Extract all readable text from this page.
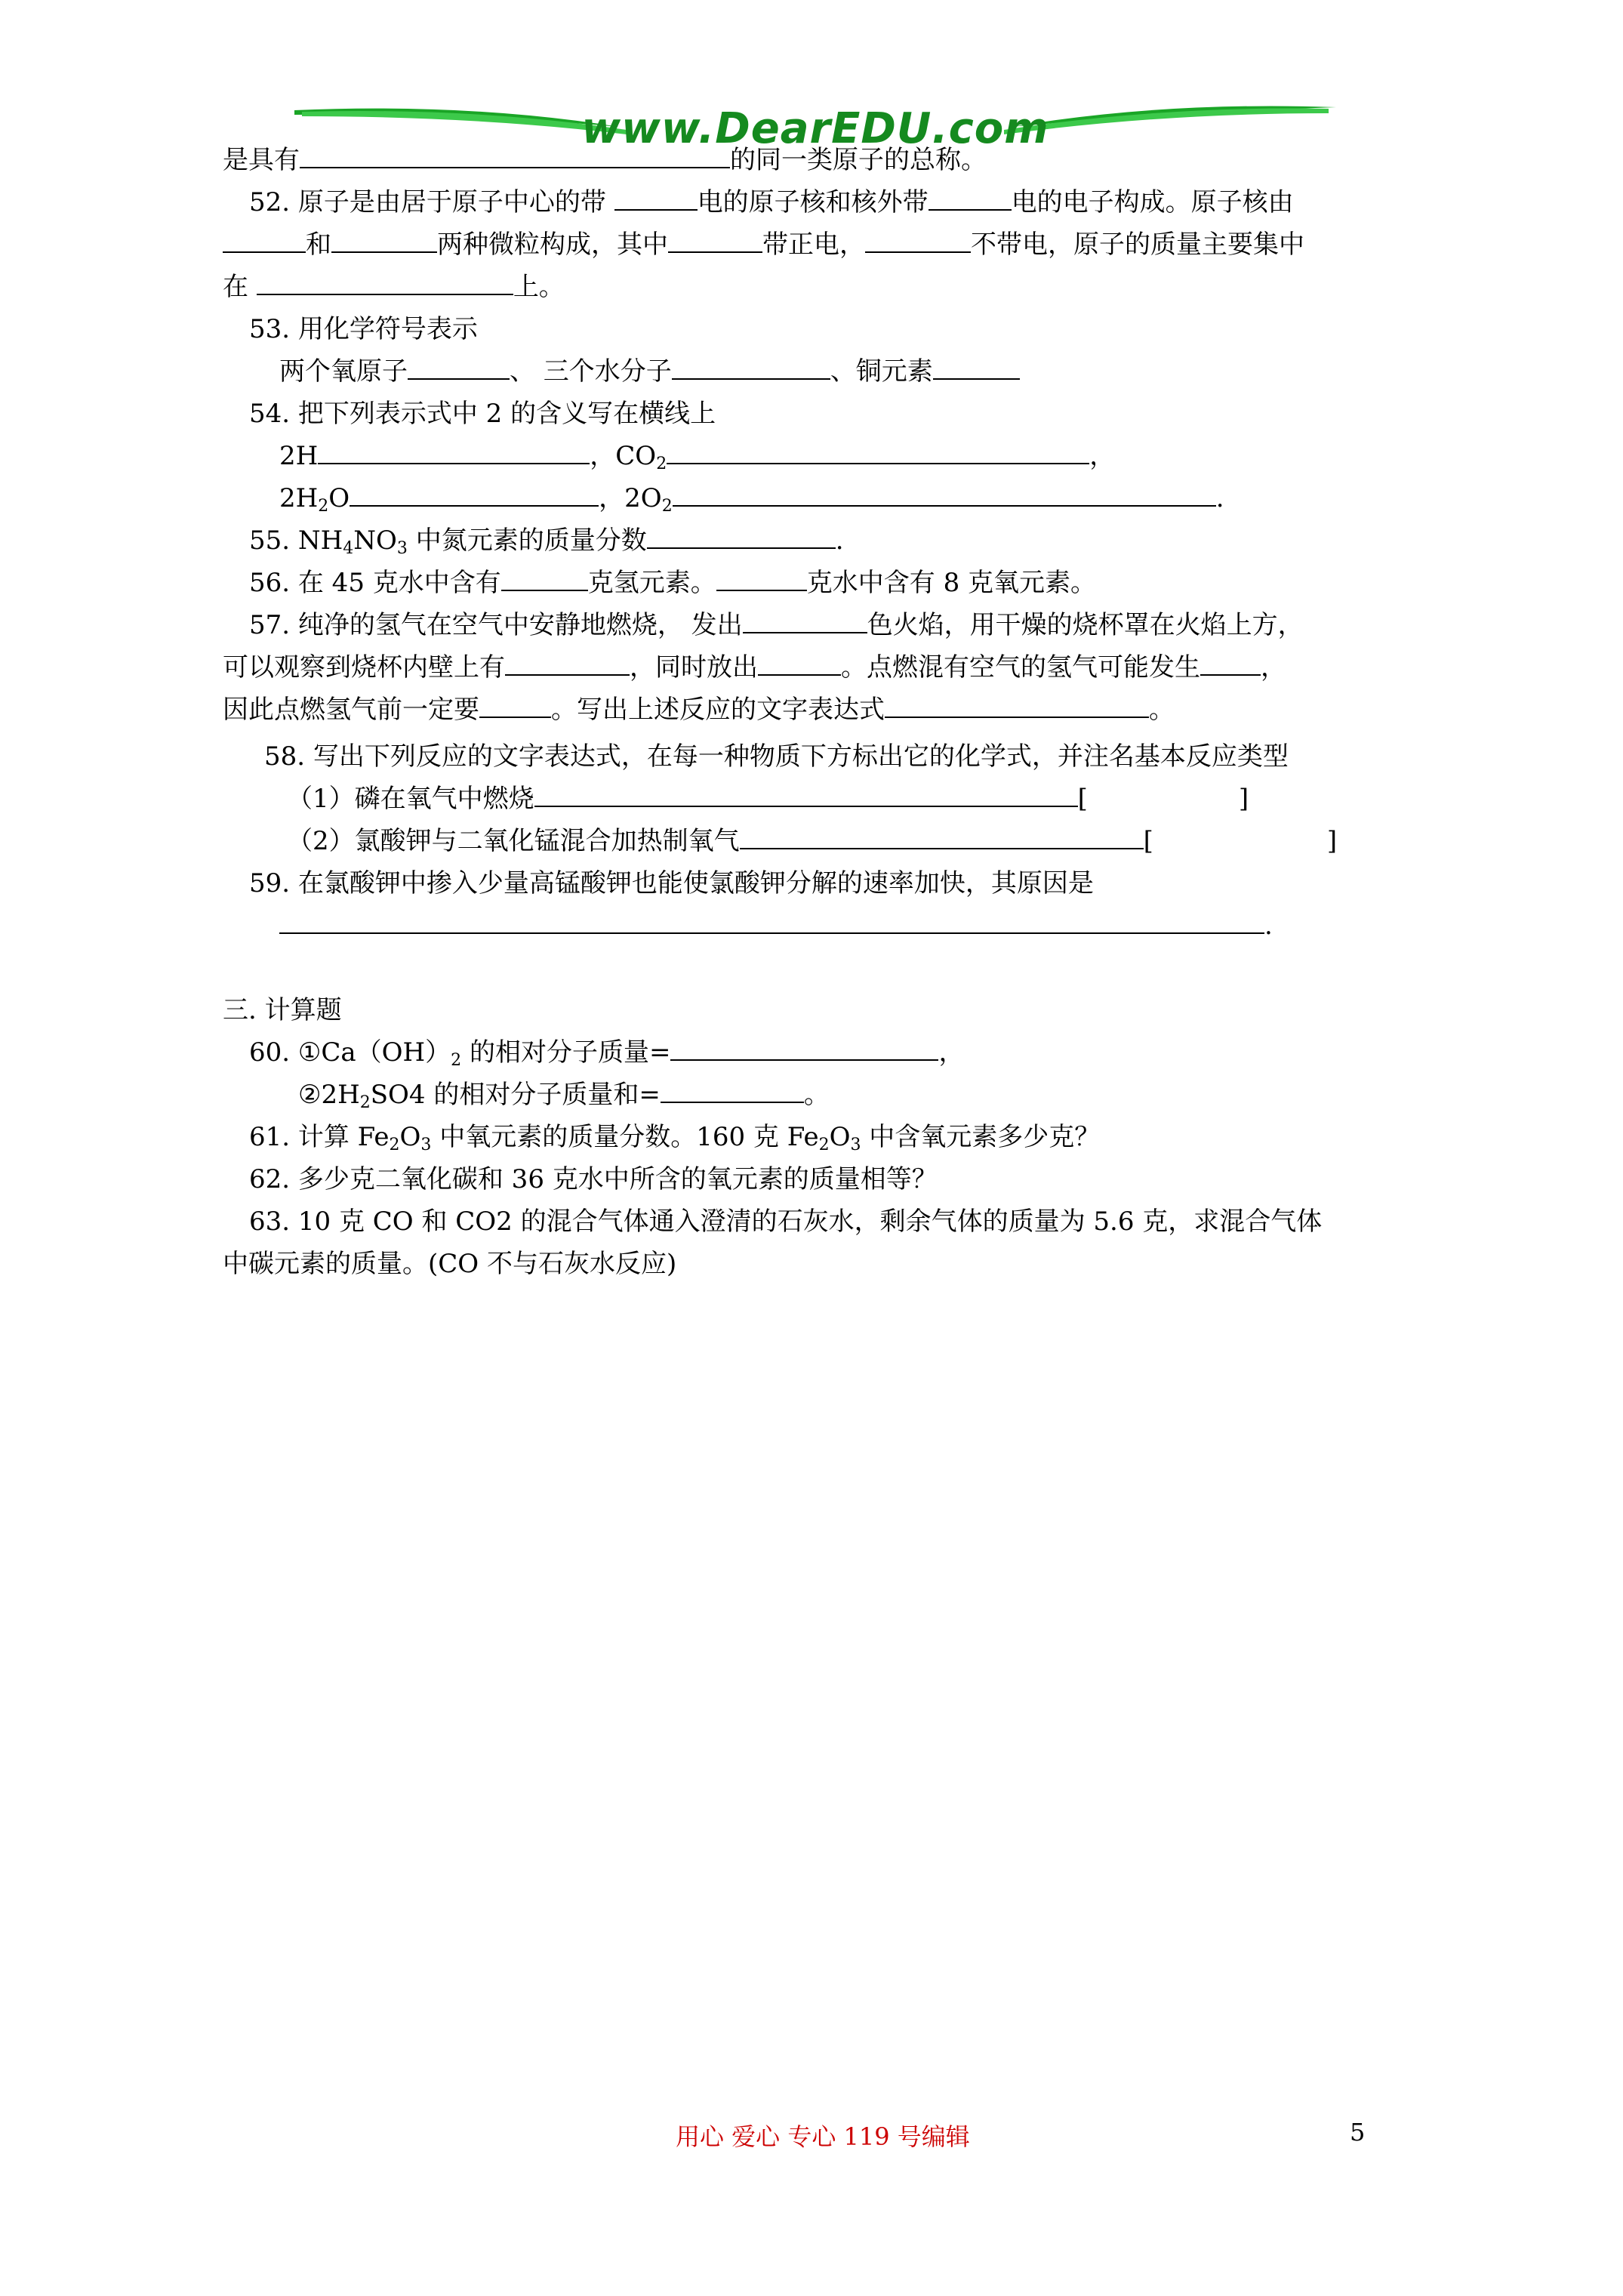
www.DearEDU.com
是具有	的同一类原子的总称。
52. 原子是由居于原子中心的带	电的原子核和核外带	电的电子构成。原子核由
和	两种微粒构成，其中	带正电，	不带电，原子的质量主要集中
在	上。
53. 用化学符号表示
两个氧原子	、 三个水分子	、铜元素
54. 把下列表示式中 2 的含义写在横线上
2H	，$CO_2$	，
$2H_2O$	，$2O_2$	.
55. $NH_4NO_3$ 中氮元素的质量分数	.
56. 在 45 克水中含有	克氢元素。	克水中含有 8 克氧元素。
57. 纯净的氢气在空气中安静地燃烧， 发出	色火焰，用干燥的烧杯罩在火焰上方，
可以观察到烧杯内壁上有	，同时放出	。点燃混有空气的氢气可能发生 ，
因此点燃氢气前一定要	。写出上述反应的文字表达式	。
58. 写出下列反应的文字表达式，在每一种物质下方标出它的化学式，并注名基本反应类型
（1）磷在氧气中燃烧	[	]
（2）氯酸钾与二氧化锰混合加热制氧气	[	]
59. 在氯酸钾中掺入少量高锰酸钾也能使氯酸钾分解的速率加快，其原因是
.
三. 计算题
60. $①Ca(OH)_2$ 的相对分子质量=	，
$②2H_2SO4$ 的相对分子质量和=	。
61. 计算 $Fe_2O_3$ 中氧元素的质量分数。160 克 $Fe_2O_3$ 中含氧元素多少克？
62. 多少克二氧化碳和 36 克水中所含的氧元素的质量相等？
63. 10 克 CO 和 CO2 的混合气体通入澄清的石灰水，剩余气体的质量为 5.6 克，求混合气体
中碳元素的质量。(CO 不与石灰水反应)
用心 爱心 专心 119 号编辑	5
